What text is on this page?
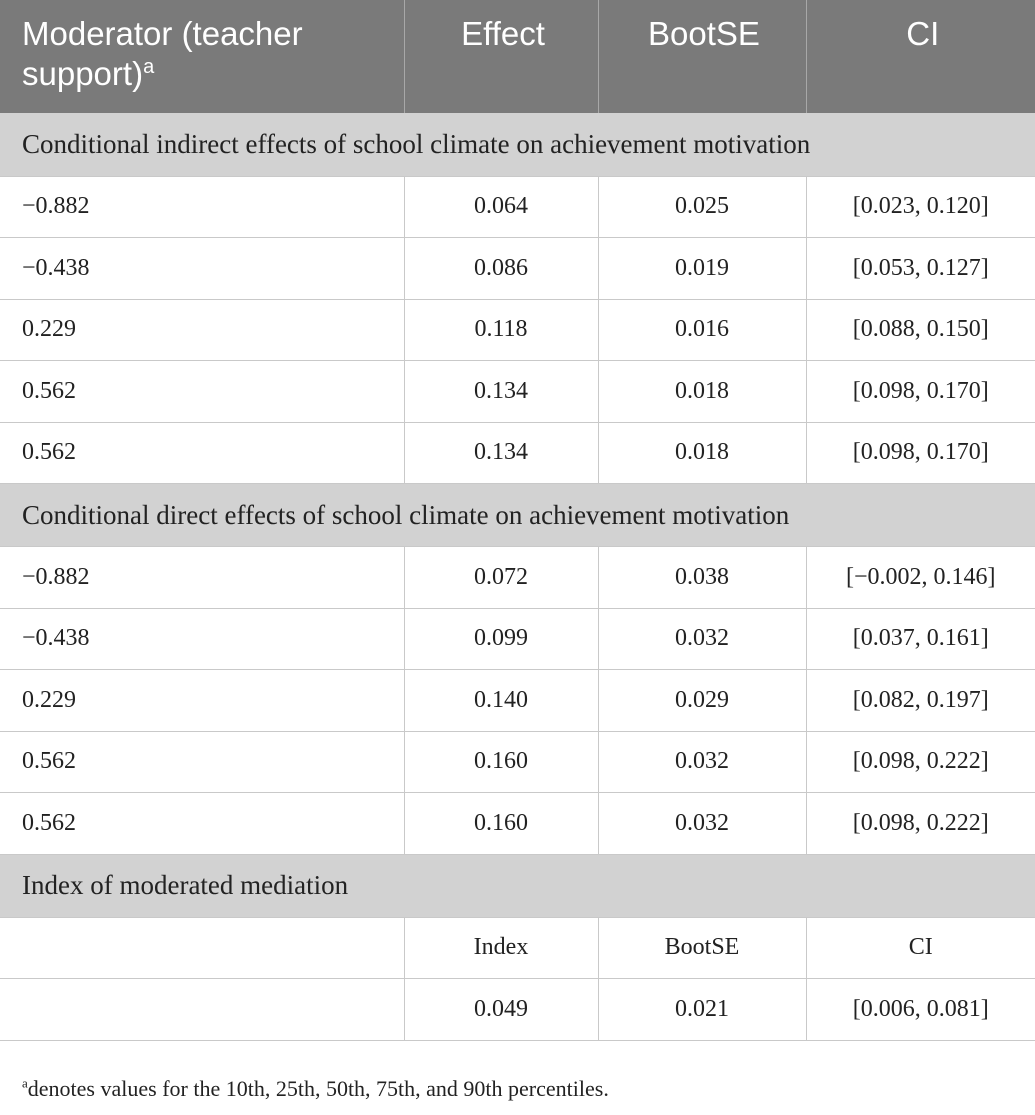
Moderator (teacher support)$^a$	Effect	BootSE	CI
Conditional indirect effects of school climate on achievement motivation			
−0.882	0.064	0.025	[0.023, 0.120]
−0.438	0.086	0.019	[0.053, 0.127]
0.229	0.118	0.016	[0.088, 0.150]
0.562	0.134	0.018	[0.098, 0.170]
0.562	0.134	0.018	[0.098, 0.170]
Conditional direct effects of school climate on achievement motivation			
−0.882	0.072	0.038	[−0.002, 0.146]
−0.438	0.099	0.032	[0.037, 0.161]
0.229	0.140	0.029	[0.082, 0.197]
0.562	0.160	0.032	[0.098, 0.222]
0.562	0.160	0.032	[0.098, 0.222]
Index of moderated mediation			
	Index	BootSE	CI
	0.049	0.021	[0.006, 0.081]
$^a$denotes values for the 10th, 25th, 50th, 75th, and 90th percentiles.
